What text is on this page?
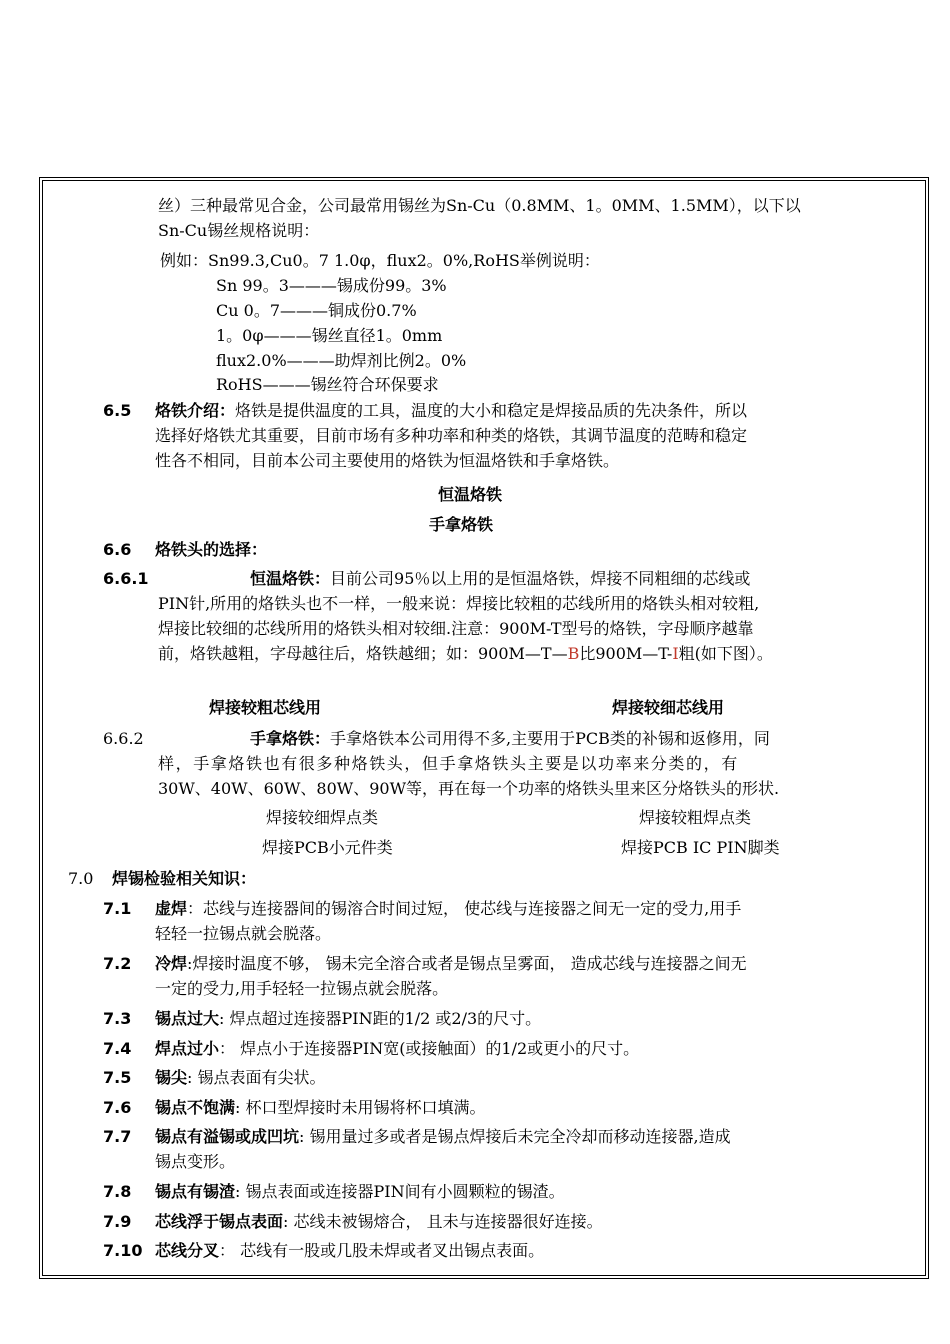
丝）三种最常见合金，公司最常用锡丝为Sn-Cu（0.8MM、1。0MM、1.5MM），以下以
Sn-Cu锡丝规格说明：
例如：Sn99.3,Cu0。7 1.0φ，flux2。0%,RoHS举例说明：
Sn 99。3———锡成份99。3%
Cu 0。7———铜成份0.7%
1。0φ———锡丝直径1。0mm
flux2.0%———助焊剂比例2。0%
RoHS———锡丝符合环保要求
6.5 烙铁介绍：烙铁是提供温度的工具，温度的大小和稳定是焊接品质的先决条件，所以
选择好烙铁尤其重要，目前市场有多种功率和种类的烙铁，其调节温度的范畴和稳定
性各不相同，目前本公司主要使用的烙铁为恒温烙铁和手拿烙铁。
恒温烙铁
手拿烙铁
6.6 烙铁头的选择：
6.6.1	恒温烙铁：目前公司95％以上用的是恒温烙铁，焊接不同粗细的芯线或
PIN针,所用的烙铁头也不一样，一般来说：焊接比较粗的芯线所用的烙铁头相对较粗,
焊接比较细的芯线所用的烙铁头相对较细.注意：900M-T型号的烙铁，字母顺序越靠
前，烙铁越粗，字母越往后，烙铁越细；如：900M—T—B比900M—T-I粗(如下图）。
焊接较粗芯线用	焊接较细芯线用
6.6.2	手拿烙铁：手拿烙铁本公司用得不多,主要用于PCB类的补锡和返修用，同
样，手拿烙铁也有很多种烙铁头，但手拿烙铁头主要是以功率来分类的，有
30W、40W、60W、80W、90W等，再在每一个功率的烙铁头里来区分烙铁头的形状.
焊接较细焊点类	焊接较粗焊点类
焊接PCB小元件类	焊接PCB IC PIN脚类
7.0 焊锡检验相关知识：
7.1 虚焊：芯线与连接器间的锡溶合时间过短， 使芯线与连接器之间无一定的受力,用手
轻轻一拉锡点就会脱落。
7.2 冷焊:焊接时温度不够， 锡未完全溶合或者是锡点呈雾面， 造成芯线与连接器之间无
一定的受力,用手轻轻一拉锡点就会脱落。
7.3 锡点过大: 焊点超过连接器PIN距的1/2 或2/3的尺寸。
7.4 焊点过小： 焊点小于连接器PIN宽(或接触面）的1/2或更小的尺寸。
7.5 锡尖: 锡点表面有尖状。
7.6 锡点不饱满: 杯口型焊接时未用锡将杯口填满。
7.7 锡点有溢锡或成凹坑: 锡用量过多或者是锡点焊接后未完全冷却而移动连接器,造成
锡点变形。
7.8 锡点有锡渣: 锡点表面或连接器PIN间有小圆颗粒的锡渣。
7.9 芯线浮于锡点表面: 芯线未被锡熔合， 且未与连接器很好连接。
7.10 芯线分叉： 芯线有一股或几股未焊或者叉出锡点表面。
